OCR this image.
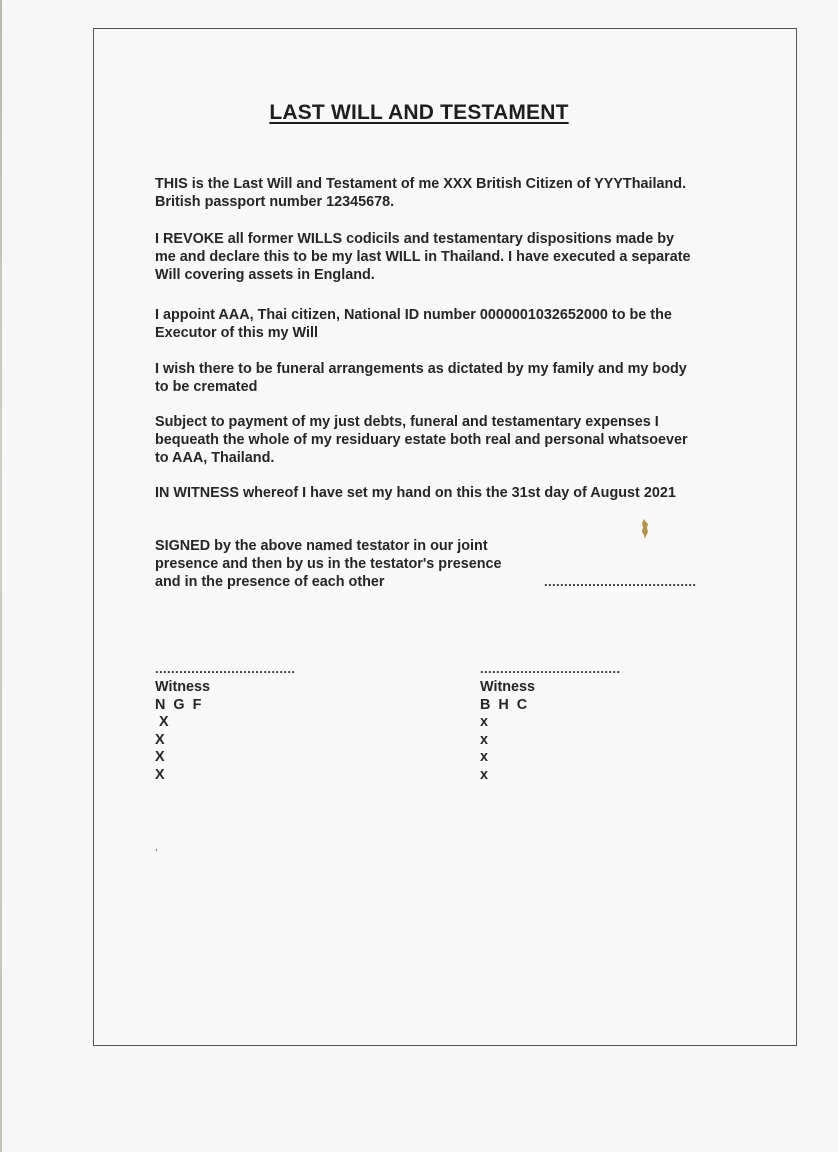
LAST WILL AND TESTAMENT

THIS is the Last Will and Testament of me XXX British Citizen of YYYThailand.
British passport number 12345678.

I REVOKE all former WILLS codicils and testamentary dispositions made by
me and declare this to be my last WILL in Thailand. I have executed a separate
Will covering assets in England.

I appoint AAA, Thai citizen, National ID number 0000001032652000 to be the
Executor of this my Will

I wish there to be funeral arrangements as dictated by my family and my body
to be cremated

Subject to payment of my just debts, funeral and testamentary expenses I
bequeath the whole of my residuary estate both real and personal whatsoever
to AAA, Thailand.

IN WITNESS whereof I have set my hand on this the 31st day of August 2021

SIGNED by the above named testator in our joint
presence and then by us in the testator's presence
and in the presence of each other	......................................
...................................	...................................
Witness
N  G  F
X
X
X
X
Witness
B  H  C
x
x
x
x
,
